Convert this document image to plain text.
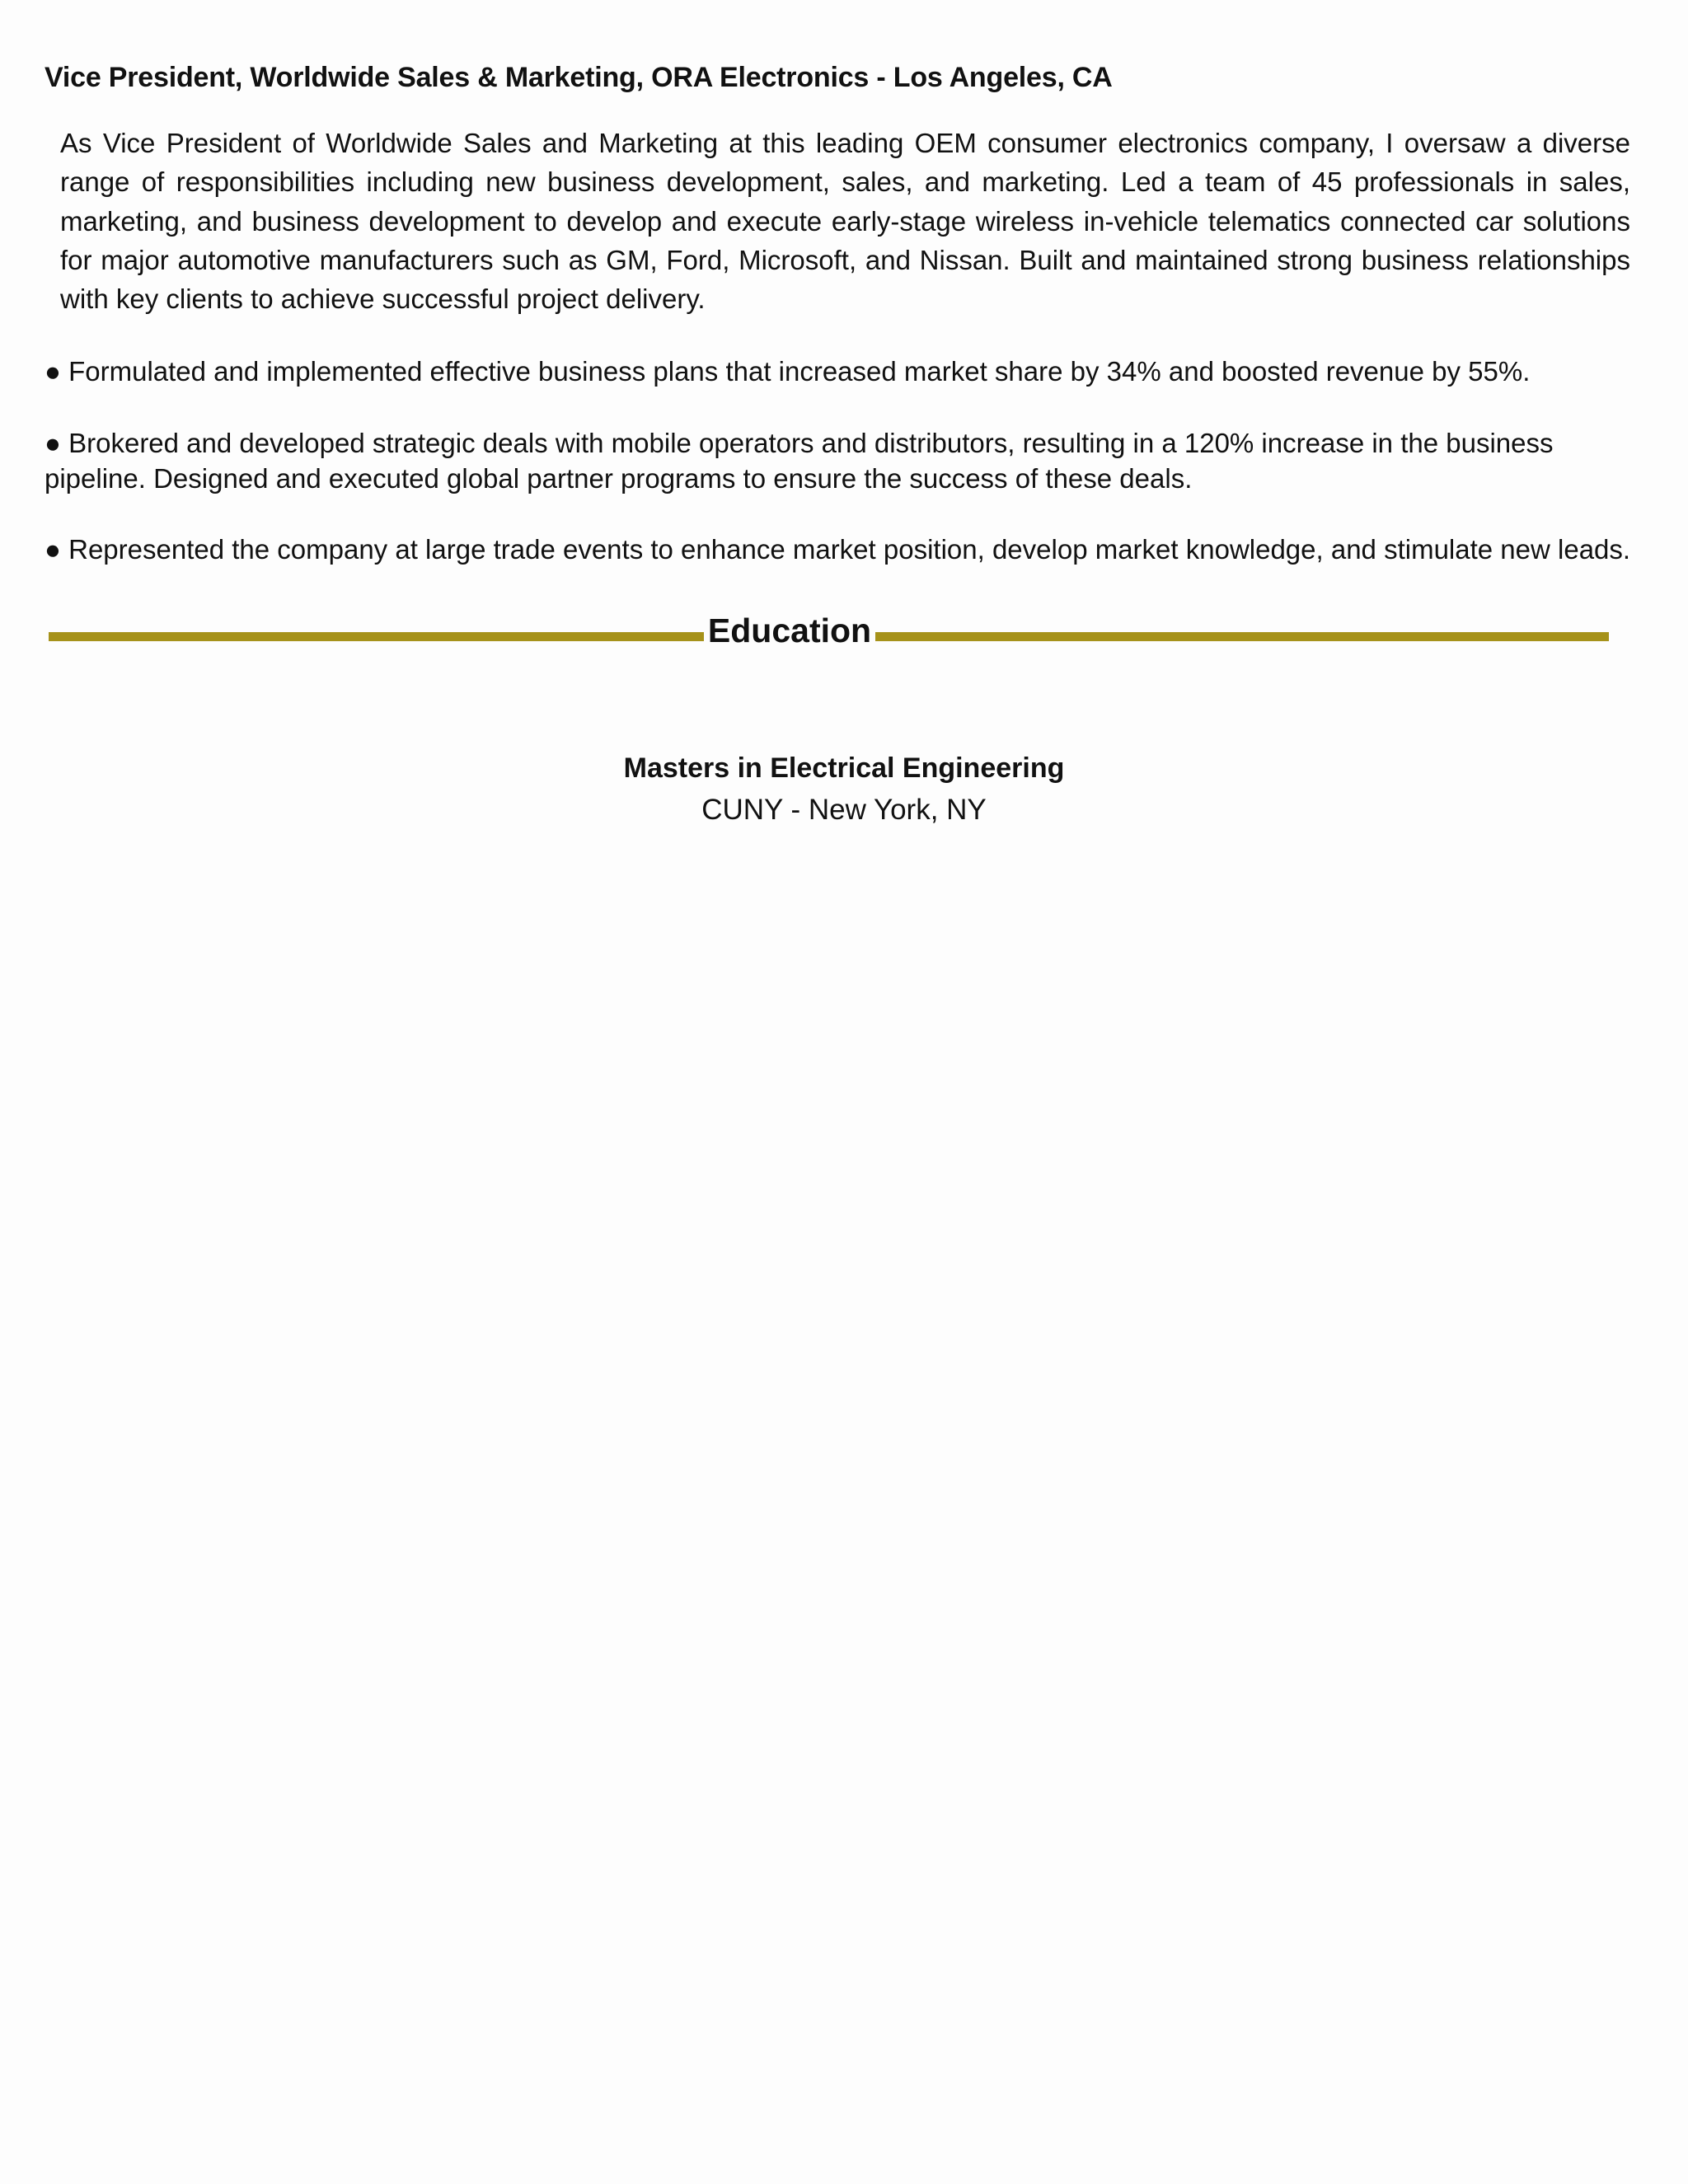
Vice President, Worldwide Sales & Marketing, ORA Electronics - Los Angeles, CA
As Vice President of Worldwide Sales and Marketing at this leading OEM consumer electronics company, I oversaw a diverse range of responsibilities including new business development, sales, and marketing. Led a team of 45 professionals in sales, marketing, and business development to develop and execute early-stage wireless in-vehicle telematics connected car solutions for major automotive manufacturers such as GM, Ford, Microsoft, and Nissan. Built and maintained strong business relationships with key clients to achieve successful project delivery.
● Formulated and implemented effective business plans that increased market share by 34% and boosted revenue by 55%.
● Brokered and developed strategic deals with mobile operators and distributors, resulting in a 120% increase in the business pipeline. Designed and executed global partner programs to ensure the success of these deals.
● Represented the company at large trade events to enhance market position, develop market knowledge, and stimulate new leads.
Education
Masters in Electrical Engineering
CUNY - New York, NY
